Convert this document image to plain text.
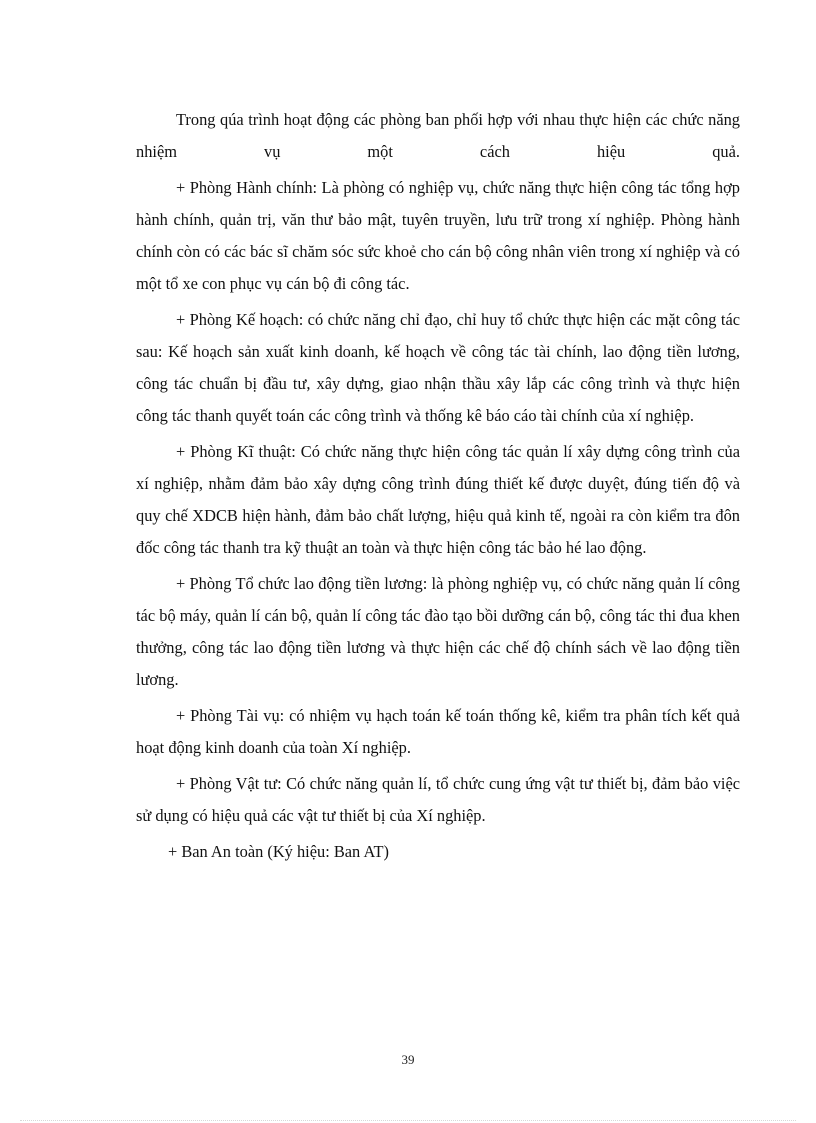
Trong qúa trình hoạt động các phòng ban phối hợp với nhau thực hiện các chức năng nhiệm vụ một cách hiệu quả.

+ Phòng Hành chính: Là phòng có nghiệp vụ, chức năng thực hiện công tác tổng hợp hành chính, quản trị, văn thư bảo mật, tuyên truyền, lưu trữ trong xí nghiệp. Phòng hành chính còn có các bác sĩ chăm sóc sức khoẻ cho cán bộ công nhân viên trong xí nghiệp và có một tổ xe con phục vụ cán bộ đi công tác.

+ Phòng Kế hoạch: có chức năng chỉ đạo, chỉ huy tổ chức thực hiện các mặt công tác sau: Kế hoạch sản xuất kinh doanh, kế hoạch về công tác tài chính, lao động tiền lương, công tác chuẩn bị đầu tư, xây dựng, giao nhận thầu xây lắp các công trình và thực hiện công tác thanh quyết toán các công trình và thống kê báo cáo tài chính của xí nghiệp.

+ Phòng Kĩ thuật: Có chức năng thực hiện công tác quản lí xây dựng công trình của xí nghiệp, nhằm đảm bảo xây dựng công trình đúng thiết kế được duyệt, đúng tiến độ và quy chế XDCB hiện hành, đảm bảo chất lượng, hiệu quả kinh tế, ngoài ra còn kiểm tra đôn đốc công tác thanh tra kỹ thuật an toàn và thực hiện công tác bảo hé lao động.

+ Phòng Tổ chức lao động tiền lương: là phòng nghiệp vụ, có chức năng quản lí công tác bộ máy, quản lí cán bộ, quản lí công tác đào tạo bồi dưỡng cán bộ, công tác thi đua khen thưởng, công tác lao động tiền lương và thực hiện các chế độ chính sách về lao động tiền lương.

+ Phòng Tài vụ: có nhiệm vụ hạch toán kế toán thống kê, kiểm tra phân tích kết quả hoạt động kinh doanh của toàn Xí nghiệp.

+ Phòng Vật tư: Có chức năng quản lí, tổ chức cung ứng vật tư thiết bị, đảm bảo việc sử dụng có hiệu quả các vật tư thiết bị của Xí nghiệp.

+ Ban An toàn (Ký hiệu: Ban AT)

39
